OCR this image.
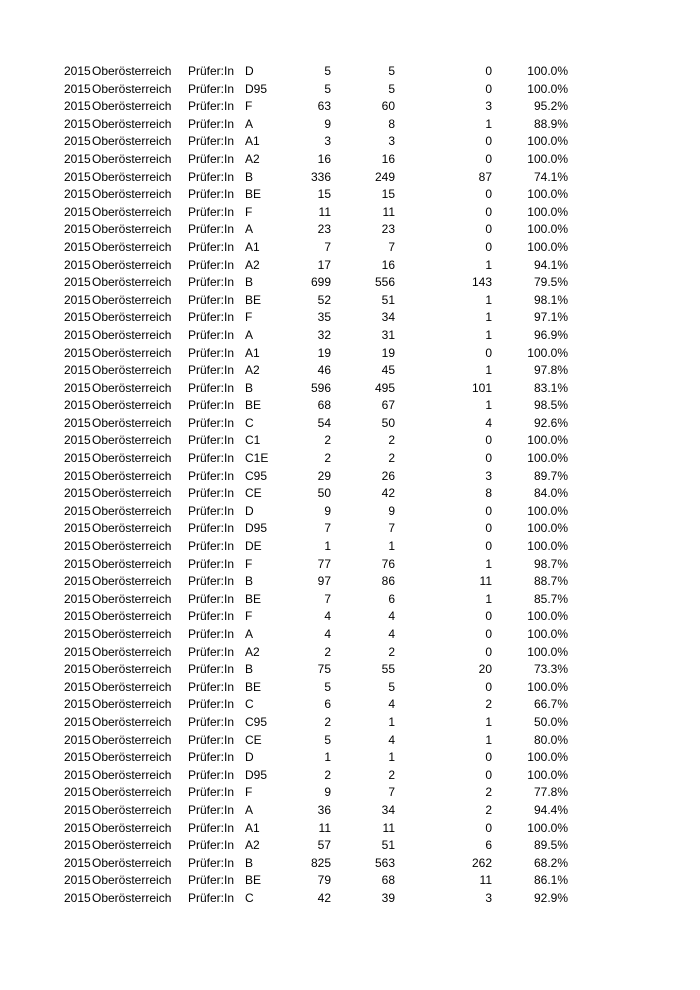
2015 Oberösterreich Prüfer:In D	5	5	0	100.0%
2015 Oberösterreich Prüfer:In D95	5	5	0	100.0%
2015 Oberösterreich Prüfer:In F	63	60	3	95.2%
2015 Oberösterreich Prüfer:In A	9	8	1	88.9%
2015 Oberösterreich Prüfer:In A1	3	3	0	100.0%
2015 Oberösterreich Prüfer:In A2	16	16	0	100.0%
2015 Oberösterreich Prüfer:In B	336	249	87	74.1%
2015 Oberösterreich Prüfer:In BE	15	15	0	100.0%
2015 Oberösterreich Prüfer:In F	11	11	0	100.0%
2015 Oberösterreich Prüfer:In A	23	23	0	100.0%
2015 Oberösterreich Prüfer:In A1	7	7	0	100.0%
2015 Oberösterreich Prüfer:In A2	17	16	1	94.1%
2015 Oberösterreich Prüfer:In B	699	556	143	79.5%
2015 Oberösterreich Prüfer:In BE	52	51	1	98.1%
2015 Oberösterreich Prüfer:In F	35	34	1	97.1%
2015 Oberösterreich Prüfer:In A	32	31	1	96.9%
2015 Oberösterreich Prüfer:In A1	19	19	0	100.0%
2015 Oberösterreich Prüfer:In A2	46	45	1	97.8%
2015 Oberösterreich Prüfer:In B	596	495	101	83.1%
2015 Oberösterreich Prüfer:In BE	68	67	1	98.5%
2015 Oberösterreich Prüfer:In C	54	50	4	92.6%
2015 Oberösterreich Prüfer:In C1	2	2	0	100.0%
2015 Oberösterreich Prüfer:In C1E	2	2	0	100.0%
2015 Oberösterreich Prüfer:In C95	29	26	3	89.7%
2015 Oberösterreich Prüfer:In CE	50	42	8	84.0%
2015 Oberösterreich Prüfer:In D	9	9	0	100.0%
2015 Oberösterreich Prüfer:In D95	7	7	0	100.0%
2015 Oberösterreich Prüfer:In DE	1	1	0	100.0%
2015 Oberösterreich Prüfer:In F	77	76	1	98.7%
2015 Oberösterreich Prüfer:In B	97	86	11	88.7%
2015 Oberösterreich Prüfer:In BE	7	6	1	85.7%
2015 Oberösterreich Prüfer:In F	4	4	0	100.0%
2015 Oberösterreich Prüfer:In A	4	4	0	100.0%
2015 Oberösterreich Prüfer:In A2	2	2	0	100.0%
2015 Oberösterreich Prüfer:In B	75	55	20	73.3%
2015 Oberösterreich Prüfer:In BE	5	5	0	100.0%
2015 Oberösterreich Prüfer:In C	6	4	2	66.7%
2015 Oberösterreich Prüfer:In C95	2	1	1	50.0%
2015 Oberösterreich Prüfer:In CE	5	4	1	80.0%
2015 Oberösterreich Prüfer:In D	1	1	0	100.0%
2015 Oberösterreich Prüfer:In D95	2	2	0	100.0%
2015 Oberösterreich Prüfer:In F	9	7	2	77.8%
2015 Oberösterreich Prüfer:In A	36	34	2	94.4%
2015 Oberösterreich Prüfer:In A1	11	11	0	100.0%
2015 Oberösterreich Prüfer:In A2	57	51	6	89.5%
2015 Oberösterreich Prüfer:In B	825	563	262	68.2%
2015 Oberösterreich Prüfer:In BE	79	68	11	86.1%
2015 Oberösterreich Prüfer:In C	42	39	3	92.9%
